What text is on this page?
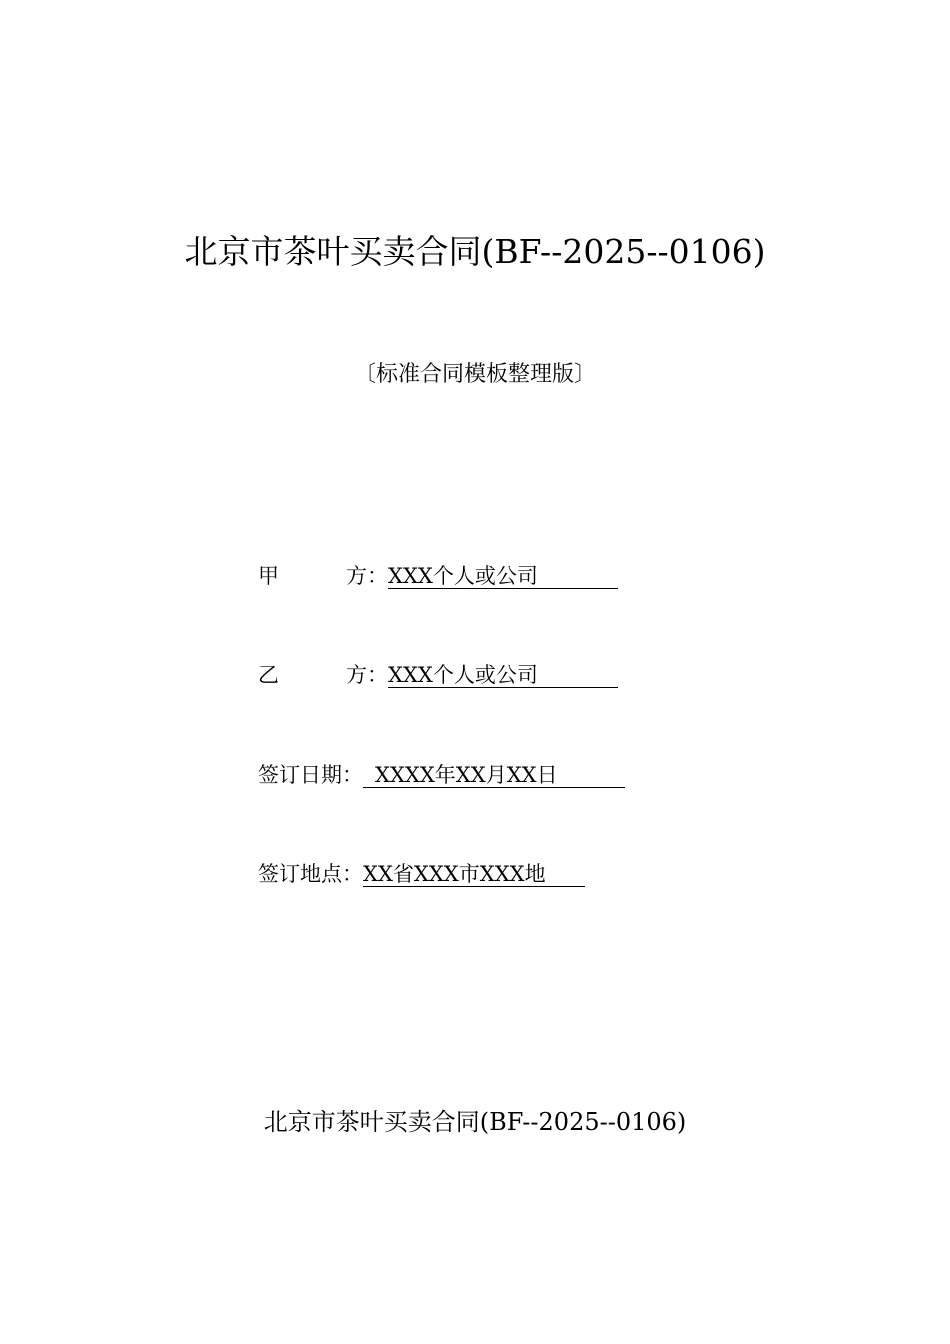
北京市茶叶买卖合同(BF--2025--0106)
〔标准合同模板整理版〕
甲	方： XXX个人或公司
乙	方： XXX个人或公司
签订日期： XXXX年XX月XX日
签订地点： XX省XXX市XXX地
北京市茶叶买卖合同(BF--2025--0106)
